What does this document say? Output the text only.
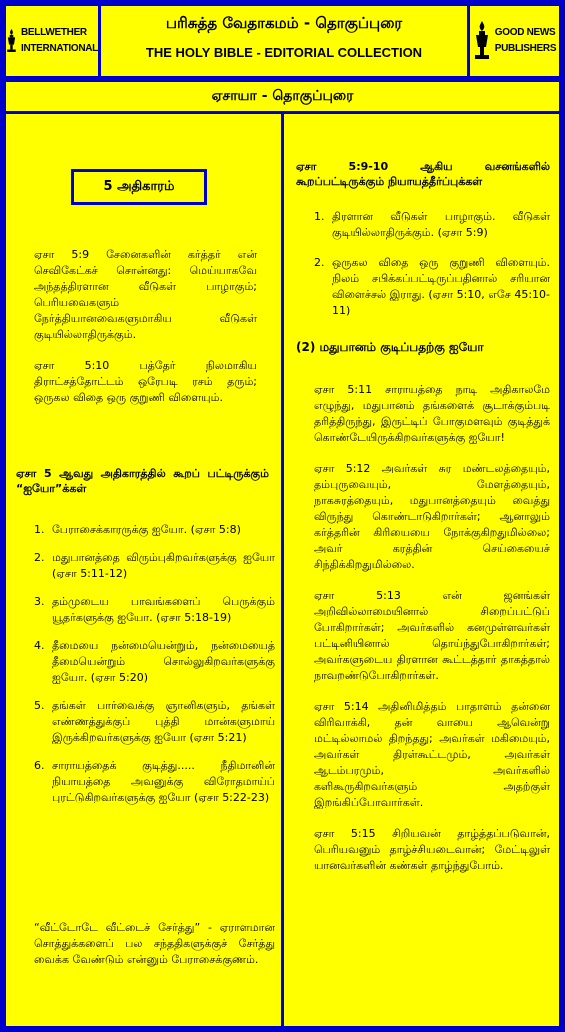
BELLWETHER
INTERNATIONAL
பரிசுத்த வேதாகமம் - தொகுப்புரை
THE HOLY BIBLE - EDITORIAL COLLECTION
GOOD NEWS
PUBLISHERS
ஏசாயா - தொகுப்புரை
5 அதிகாரம்

ஏசா 5:9 சேனைகளின் கர்த்தர் என் செவிகேட்கச் சொன்னது: மெய்யாகவே அந்தத்திரளான வீடுகள் பாழாகும்; பெரியவைகளும் நேர்த்தியானவைகளுமாகிய வீடுகள் குடியில்லாதிருக்கும்.

ஏசா 5:10 பத்தேர் நிலமாகிய திராட்சத்தோட்டம் ஒரேபடி ரசம் தரும்; ஒருகல விதை ஒரு குறுணி விளையும்.

ஏசா 5 ஆவது அதிகாரத்தில் கூறப் பட்டிருக்கும் “ஐயோ”க்கள்

1. பேராசைக்காரருக்கு ஐயோ. (ஏசா 5:8)
2. மதுபானத்தை விரும்புகிறவர்களுக்கு ஐயோ (ஏசா 5:11-12)
3. தம்முடைய பாவங்களைப் பெருக்கும் யூதர்களுக்கு ஐயோ. (ஏசா 5:18-19)
4. தீமையை நன்மையென்றும், நன்மையைத் தீமையென்றும் சொல்லுகிறவர்களுக்கு ஐயோ. (ஏசா 5:20)
5. தங்கள் பார்வைக்கு ஞானிகளும், தங்கள் எண்ணத்துக்குப் புத்தி மான்களுமாய் இருக்கிறவர்களுக்கு ஐயோ (ஏசா 5:21)
6. சாராயத்தைக் குடித்து..... நீதிமானின் நியாயத்தை அவனுக்கு விரோதமாய்ப் புரட்டுகிறவர்களுக்கு ஐயோ (ஏசா 5:22-23)

“வீட்டோடே வீட்டைச் சேர்த்து” - ஏராளமான சொத்துக்களைப் பல சந்ததிகளுக்குச் சேர்த்து வைக்க வேண்டும் என்னும் பேராசைக்குணம்.

ஏசா 5:9-10 ஆகிய வசனங்களில் கூறப்பட்டிருக்கும் நியாயத்தீர்ப்புக்கள்

1. திரளான வீடுகள் பாழாகும். வீடுகள் குடியில்லாதிருக்கும். (ஏசா 5:9)
2. ஒருகல விதை ஒரு குறுணி விளையும். நிலம் சபிக்கப்பட்டிருப்பதினால் சரியான விளைச்சல் இராது. (ஏசா 5:10, எசே 45:10-11)

(2) மதுபானம் குடிப்பதற்கு ஐயோ

ஏசா 5:11 சாராயத்தை நாடி அதிகாலமே எழுந்து, மதுபானம் தங்களைக் சூடாக்கும்படி தரித்திருந்து, இருட்டிப் போகுமளவும் குடித்துக் கொண்டேயிருக்கிறவர்களுக்கு ஐயோ!

ஏசா 5:12 அவர்கள் சுர மண்டலத்தையும், தம்புருவையும், மேளத்தையும், நாகசுரத்தையும், மதுபானத்தையும் வைத்து விருந்து கொண்டாடுகிறார்கள்; ஆனாலும் கர்த்தரின் கிரியையை நோக்குகிறதுமில்லை; அவர் கரத்தின் செய்கையைச் சிந்திக்கிறதுமில்லை.

ஏசா 5:13 என் ஜனங்கள் அறிவில்லாமையினால் சிறைப்பட்டுப் போகிறார்கள்; அவர்களில் கனமுள்ளவர்கள் பட்டினியினால் தொய்ந்துபோகிறார்கள்; அவர்களுடைய திரளான கூட்டத்தார் தாகத்தால் நாவறண்டுபோகிறார்கள்.

ஏசா 5:14 அதினிமித்தம் பாதாளம் தன்னை விரிவாக்கி, தன் வாயை ஆவென்று மட்டில்லாமல் திறந்தது; அவர்கள் மகிமையும், அவர்கள் திரள்கூட்டமும், அவர்கள் ஆடம்பரமும், அவர்களில் களிகூருகிறவர்களும் அதற்குள் இறங்கிப்போவார்கள்.

ஏசா 5:15 சிறியவன் தாழ்த்தப்படுவான், பெரியவனும் தாழ்ச்சியடைவான்; மேட்டிலுள் யானவர்களின் கண்கள் தாழ்ந்துபோம்.
